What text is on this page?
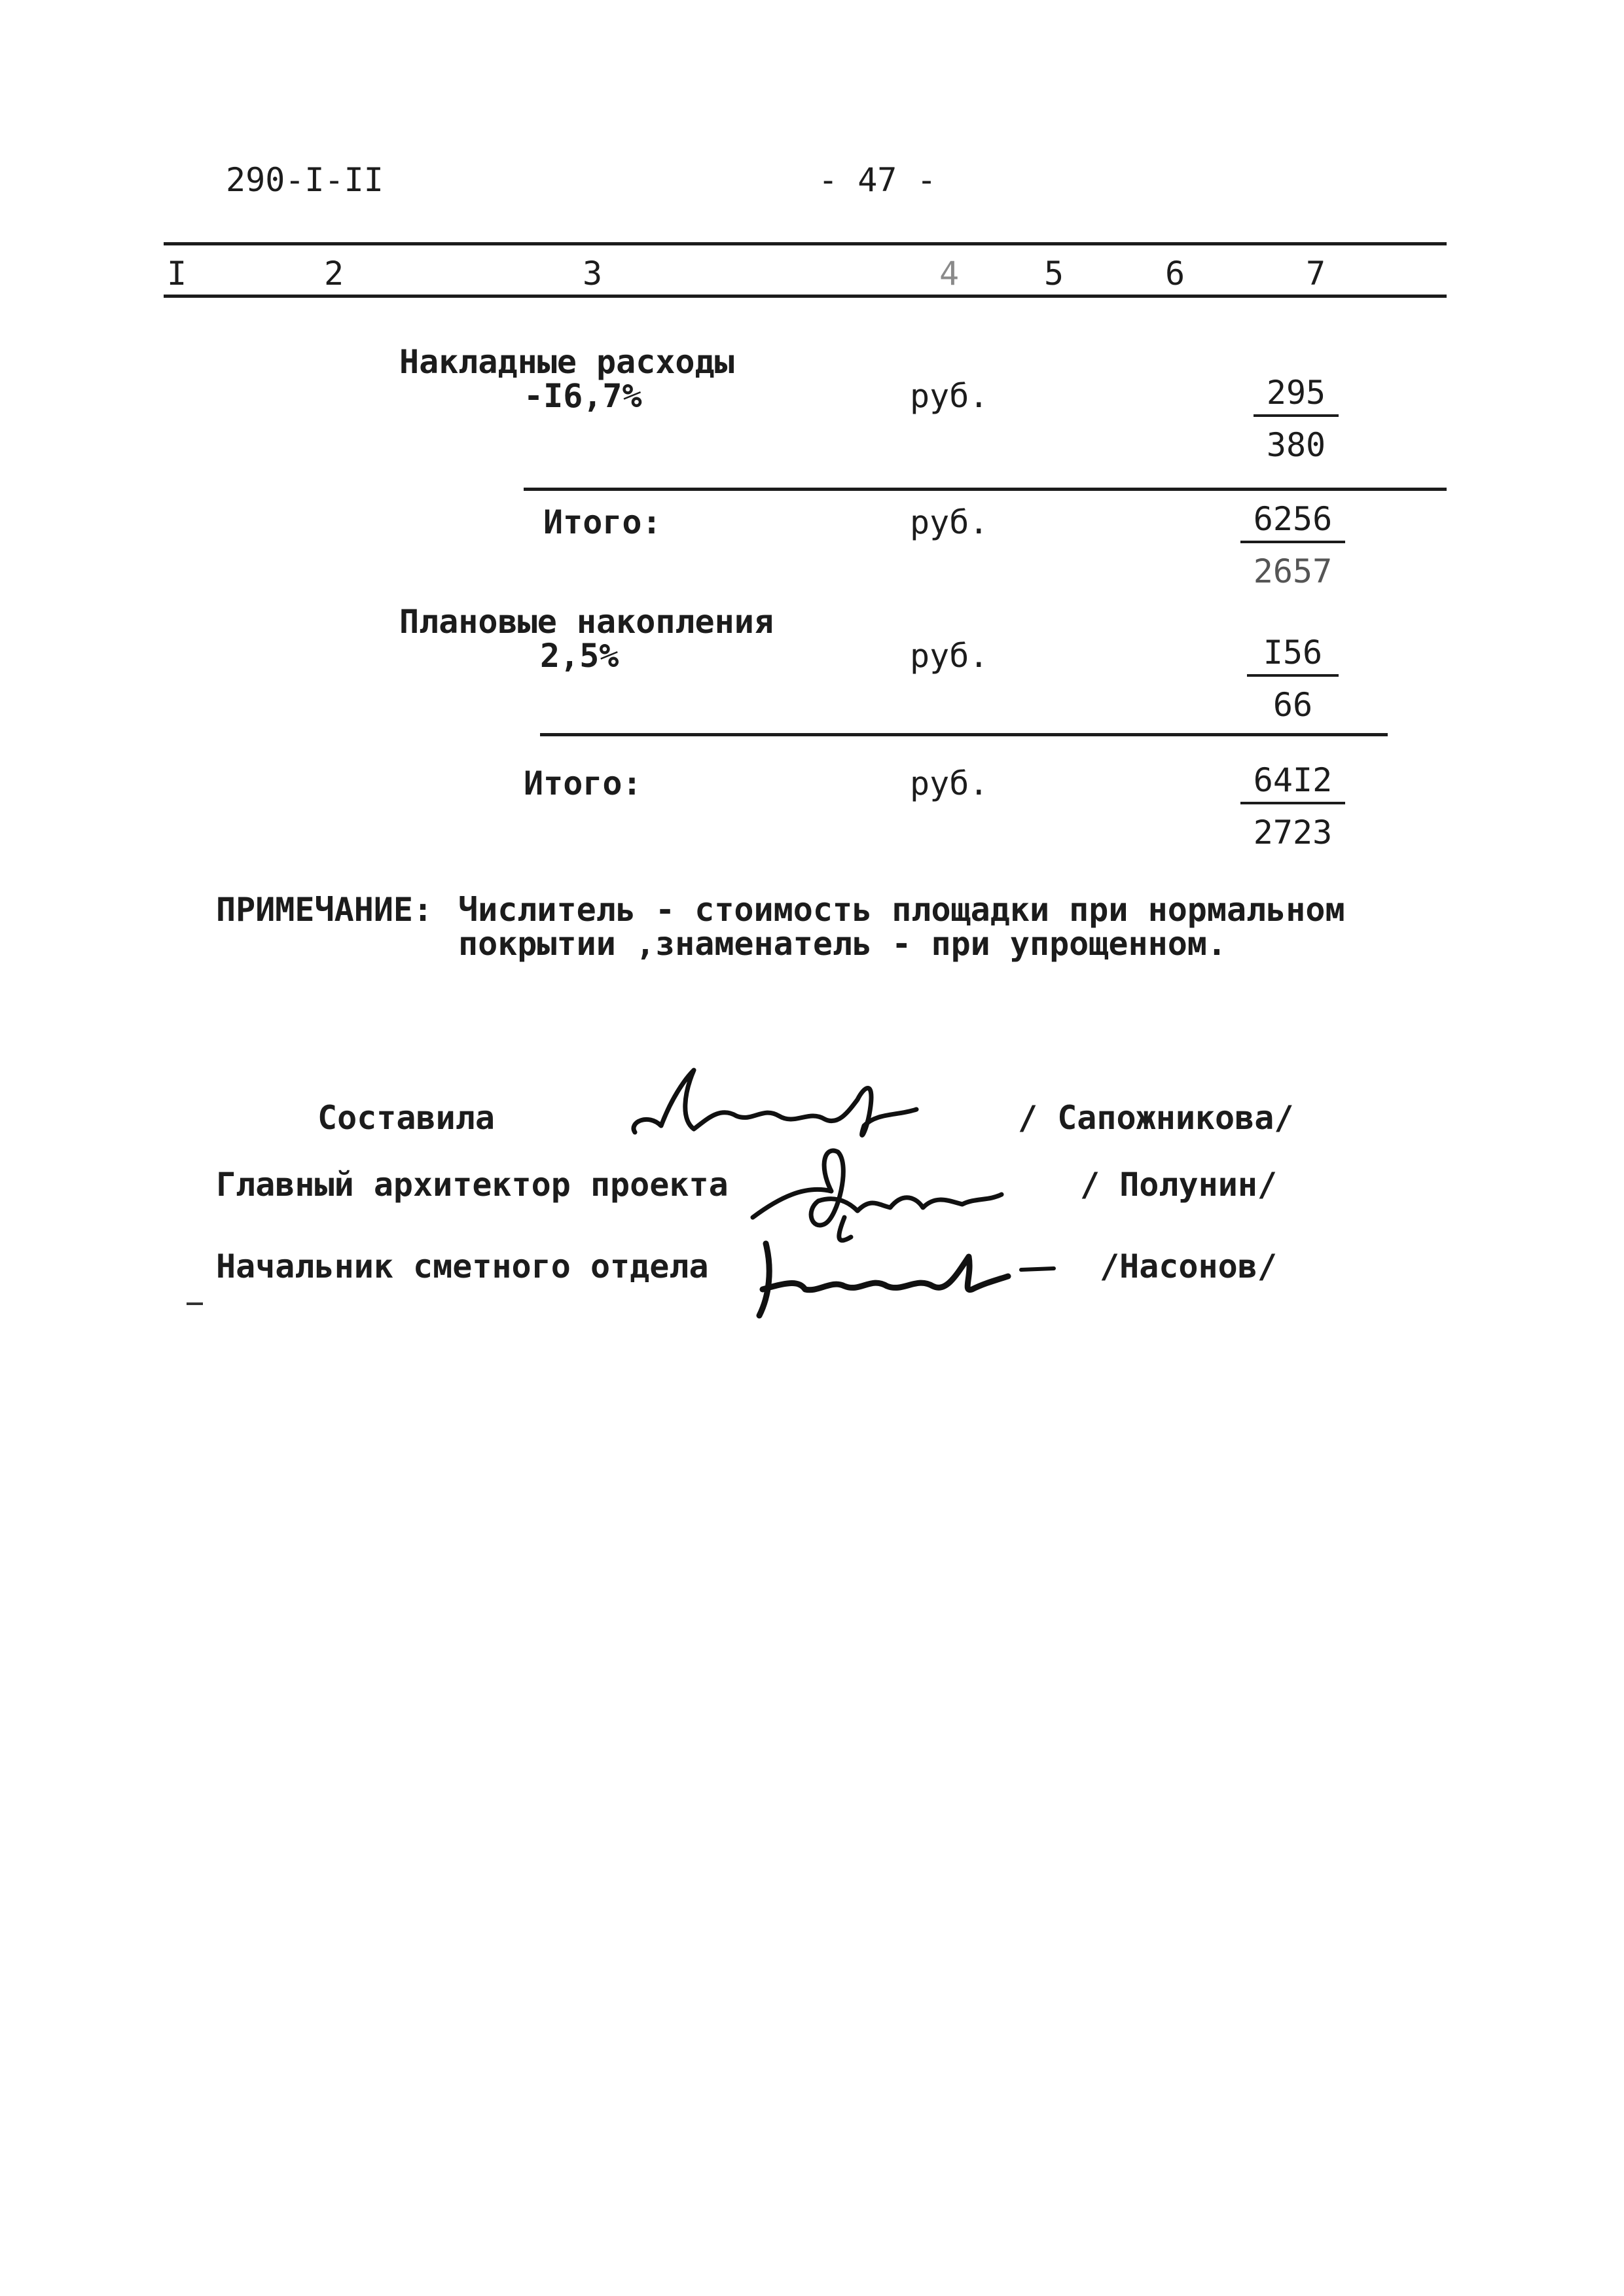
290-I-II	- 47 -
I	2	3	4	5	6	7
Накладные расходы
-I6,7%	руб.	$\frac{295}{380}$
Итого:	руб.	$\frac{6256}{2657}$
Плановые накопления
2,5%	руб.	$\frac{I56}{66}$
Итого:	руб.	$\frac{64I2}{2723}$
ПРИМЕЧАНИЕ: Числитель - стоимость площадки при нормальном
покрытии ,знаменатель - при упрощенном.
Составила	/ Сапожникова/
Главный архитектор проекта	/ Полунин/
Начальник сметного отдела	/Насонов/
